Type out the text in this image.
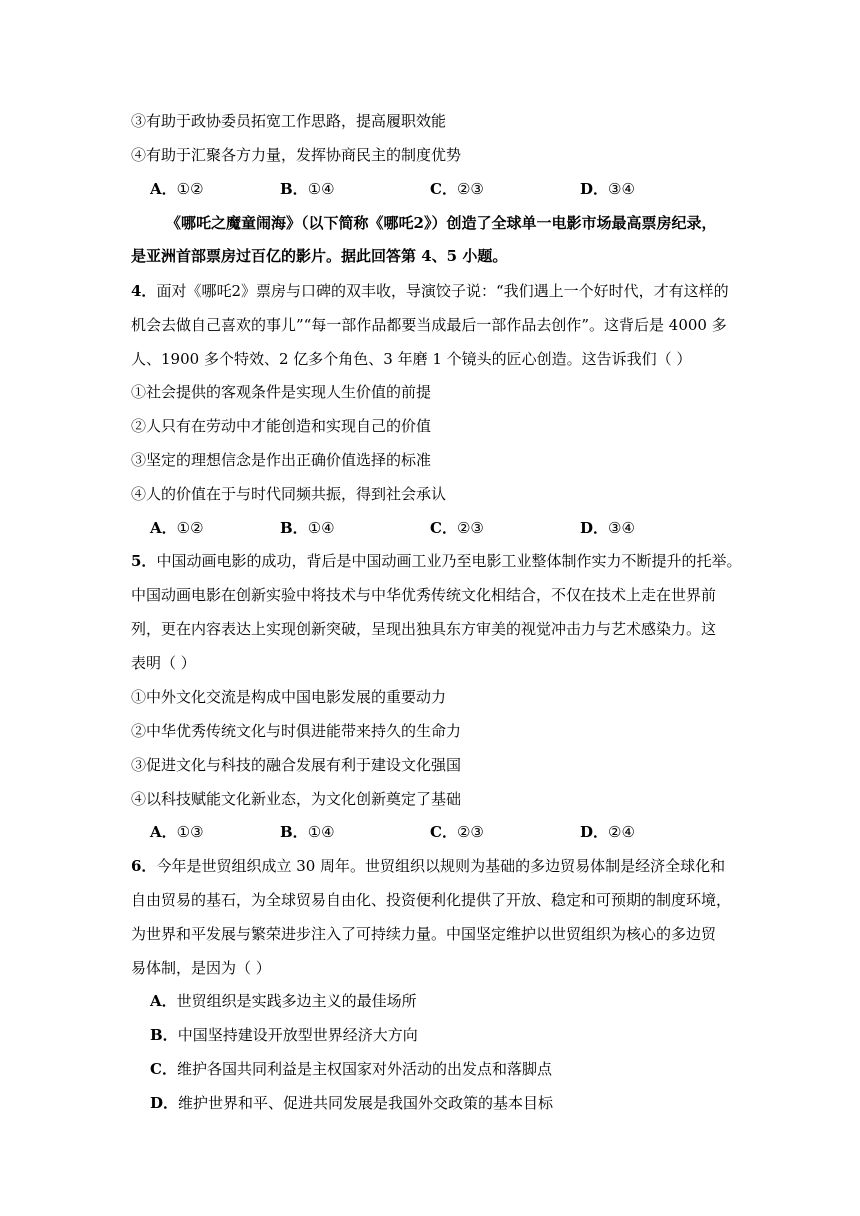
③有助于政协委员拓宽工作思路，提高履职效能
④有助于汇聚各方力量，发挥协商民主的制度优势
A．①②	B．①④	C．②③	D．③④
《哪吒之魔童闹海》（以下简称《哪吒2》）创造了全球单一电影市场最高票房纪录，
是亚洲首部票房过百亿的影片。据此回答第 4、5 小题。
4．面对《哪吒2》票房与口碑的双丰收，导演饺子说：“我们遇上一个好时代，才有这样的
机会去做自己喜欢的事儿”“每一部作品都要当成最后一部作品去创作”。这背后是 4000 多
人、1900 多个特效、2 亿多个角色、3 年磨 1 个镜头的匠心创造。这告诉我们（ ）
①社会提供的客观条件是实现人生价值的前提
②人只有在劳动中才能创造和实现自己的价值
③坚定的理想信念是作出正确价值选择的标准
④人的价值在于与时代同频共振，得到社会承认
A．①②	B．①④	C．②③	D．③④
5．中国动画电影的成功，背后是中国动画工业乃至电影工业整体制作实力不断提升的托举。
中国动画电影在创新实验中将技术与中华优秀传统文化相结合，不仅在技术上走在世界前
列，更在内容表达上实现创新突破，呈现出独具东方审美的视觉冲击力与艺术感染力。这
表明（ ）
①中外文化交流是构成中国电影发展的重要动力
②中华优秀传统文化与时俱进能带来持久的生命力
③促进文化与科技的融合发展有利于建设文化强国
④以科技赋能文化新业态，为文化创新奠定了基础
A．①③	B．①④	C．②③	D．②④
6．今年是世贸组织成立 30 周年。世贸组织以规则为基础的多边贸易体制是经济全球化和
自由贸易的基石，为全球贸易自由化、投资便利化提供了开放、稳定和可预期的制度环境，
为世界和平发展与繁荣进步注入了可持续力量。中国坚定维护以世贸组织为核心的多边贸
易体制，是因为（ ）
A．世贸组织是实践多边主义的最佳场所
B．中国坚持建设开放型世界经济大方向
C．维护各国共同利益是主权国家对外活动的出发点和落脚点
D．维护世界和平、促进共同发展是我国外交政策的基本目标
